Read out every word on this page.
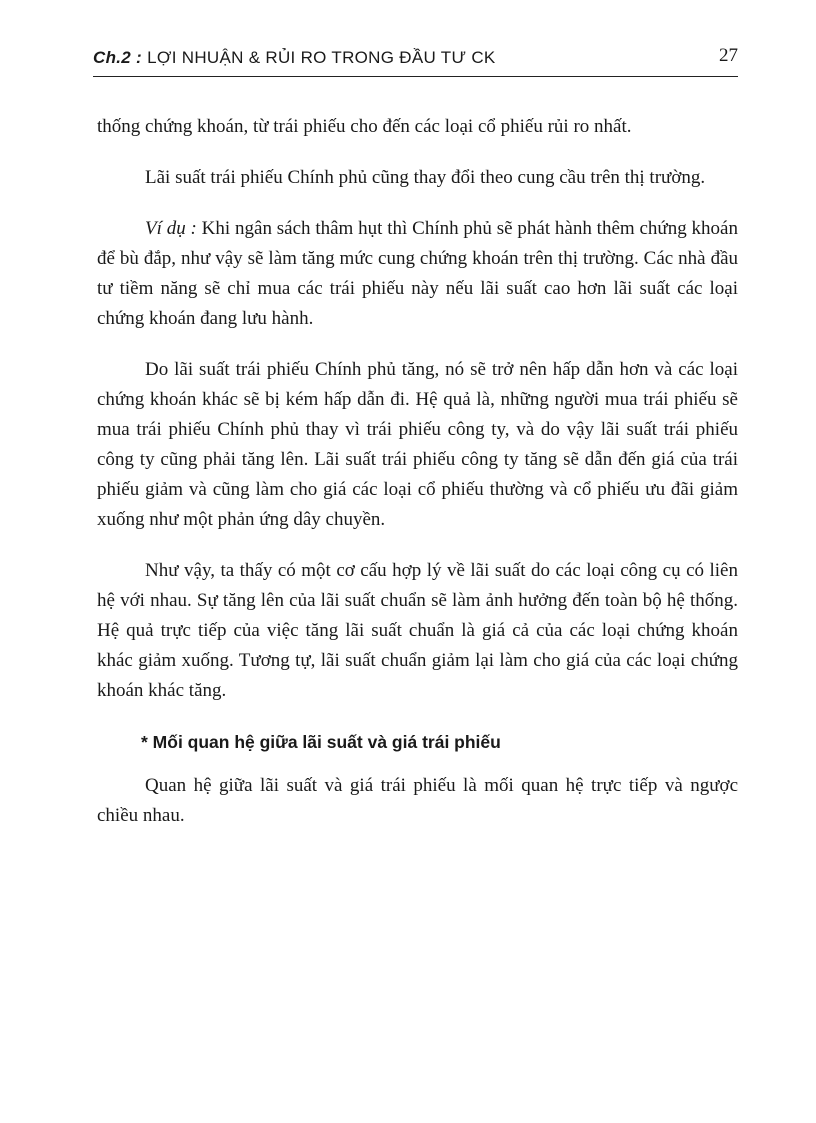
Ch.2 : LỢI NHUẬN & RỦI RO TRONG ĐẦU TƯ CK	27

thống chứng khoán, từ trái phiếu cho đến các loại cổ phiếu rủi ro nhất.

Lãi suất trái phiếu Chính phủ cũng thay đổi theo cung cầu trên thị trường.

Ví dụ : Khi ngân sách thâm hụt thì Chính phủ sẽ phát hành thêm chứng khoán để bù đắp, như vậy sẽ làm tăng mức cung chứng khoán trên thị trường. Các nhà đầu tư tiềm năng sẽ chỉ mua các trái phiếu này nếu lãi suất cao hơn lãi suất các loại chứng khoán đang lưu hành.

Do lãi suất trái phiếu Chính phủ tăng, nó sẽ trở nên hấp dẫn hơn và các loại chứng khoán khác sẽ bị kém hấp dẫn đi. Hệ quả là, những người mua trái phiếu sẽ mua trái phiếu Chính phủ thay vì trái phiếu công ty, và do vậy lãi suất trái phiếu công ty cũng phải tăng lên. Lãi suất trái phiếu công ty tăng sẽ dẫn đến giá của trái phiếu giảm và cũng làm cho giá các loại cổ phiếu thường và cổ phiếu ưu đãi giảm xuống như một phản ứng dây chuyền.

Như vậy, ta thấy có một cơ cấu hợp lý về lãi suất do các loại công cụ có liên hệ với nhau. Sự tăng lên của lãi suất chuẩn sẽ làm ảnh hưởng đến toàn bộ hệ thống. Hệ quả trực tiếp của việc tăng lãi suất chuẩn là giá cả của các loại chứng khoán khác giảm xuống. Tương tự, lãi suất chuẩn giảm lại làm cho giá của các loại chứng khoán khác tăng.

* Mối quan hệ giữa lãi suất và giá trái phiếu

Quan hệ giữa lãi suất và giá trái phiếu là mối quan hệ trực tiếp và ngược chiều nhau.
